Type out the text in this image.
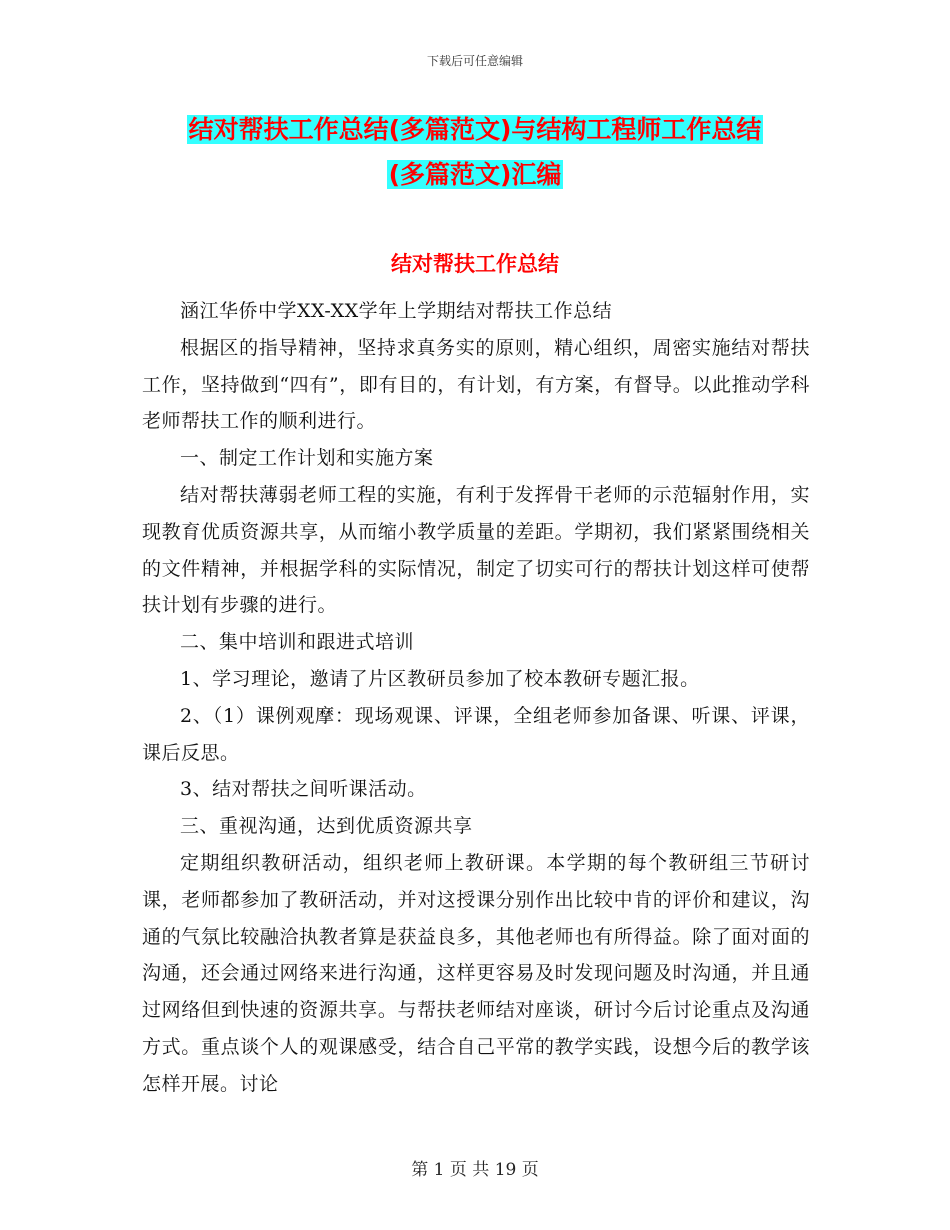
下载后可任意编辑
结对帮扶工作总结(多篇范文)与结构工程师工作总结
(多篇范文)汇编
结对帮扶工作总结

涵江华侨中学XX-XX学年上学期结对帮扶工作总结

根据区的指导精神，坚持求真务实的原则，精心组织，周密实施结对帮扶工作，坚持做到“四有”，即有目的，有计划，有方案，有督导。以此推动学科老师帮扶工作的顺利进行。

一、制定工作计划和实施方案

结对帮扶薄弱老师工程的实施，有利于发挥骨干老师的示范辐射作用，实现教育优质资源共享，从而缩小教学质量的差距。学期初，我们紧紧围绕相关的文件精神，并根据学科的实际情况，制定了切实可行的帮扶计划这样可使帮扶计划有步骤的进行。

二、集中培训和跟进式培训

1、学习理论，邀请了片区教研员参加了校本教研专题汇报。

2、（1）课例观摩：现场观课、评课，全组老师参加备课、听课、评课，课后反思。

3、结对帮扶之间听课活动。

三、重视沟通，达到优质资源共享

定期组织教研活动，组织老师上教研课。本学期的每个教研组三节研讨课，老师都参加了教研活动，并对这授课分别作出比较中肯的评价和建议，沟通的气氛比较融洽执教者算是获益良多，其他老师也有所得益。除了面对面的沟通，还会通过网络来进行沟通，这样更容易及时发现问题及时沟通，并且通过网络但到快速的资源共享。与帮扶老师结对座谈，研讨今后讨论重点及沟通方式。重点谈个人的观课感受，结合自己平常的教学实践，设想今后的教学该怎样开展。讨论

第 1 页 共 19 页
